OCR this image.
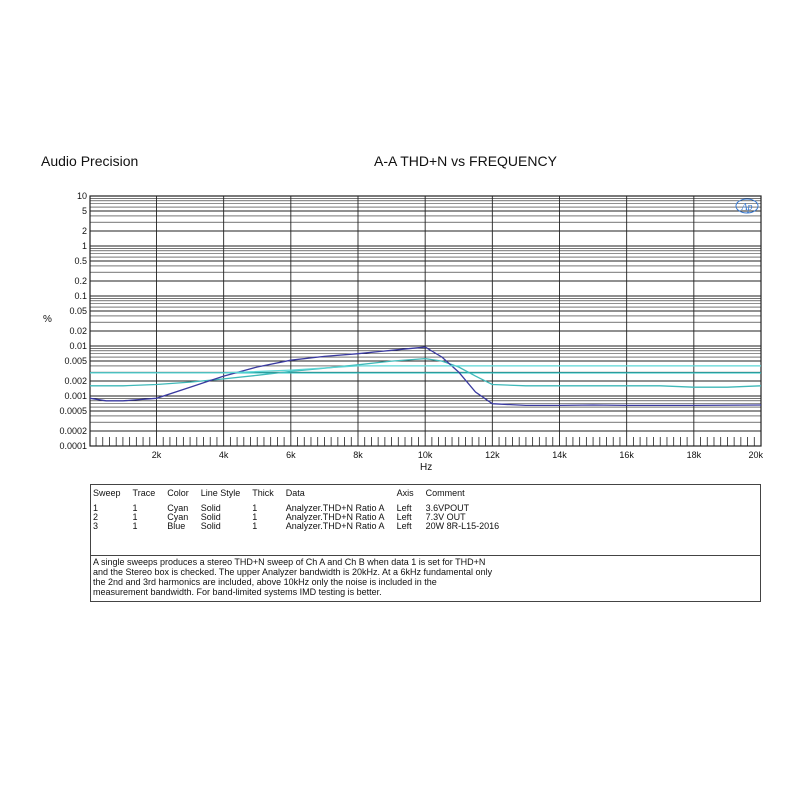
Audio Precision	A-A THD+N vs FREQUENCY
10
5
2
1
0.5
0.2
0.1
0.05
0.02
0.01
0.005
0.002
0.001
0.0005
0.0002
0.0001
2k	4k	6k	8k	10k	12k	14k	16k	18k	20k
Ap
%
Hz
Sweep	Trace	Color	Line Style	Thick	Data	Axis	Comment
1	1	Cyan	Solid	1	Analyzer.THD+N Ratio A	Left	3.6VPOUT
2	1	Cyan	Solid	1	Analyzer.THD+N Ratio A	Left	7.3V OUT
3	1	Blue	Solid	1	Analyzer.THD+N Ratio A	Left	20W 8R-L15-2016
A single sweeps produces a stereo THD+N sweep of Ch A and Ch B when data 1 is set for THD+N and the Stereo box is checked. The upper Analyzer bandwidth is 20kHz. At a 6kHz fundamental only the 2nd and 3rd harmonics are included, above 10kHz only the noise is included in the measurement bandwidth. For band-limited systems IMD testing is better.
